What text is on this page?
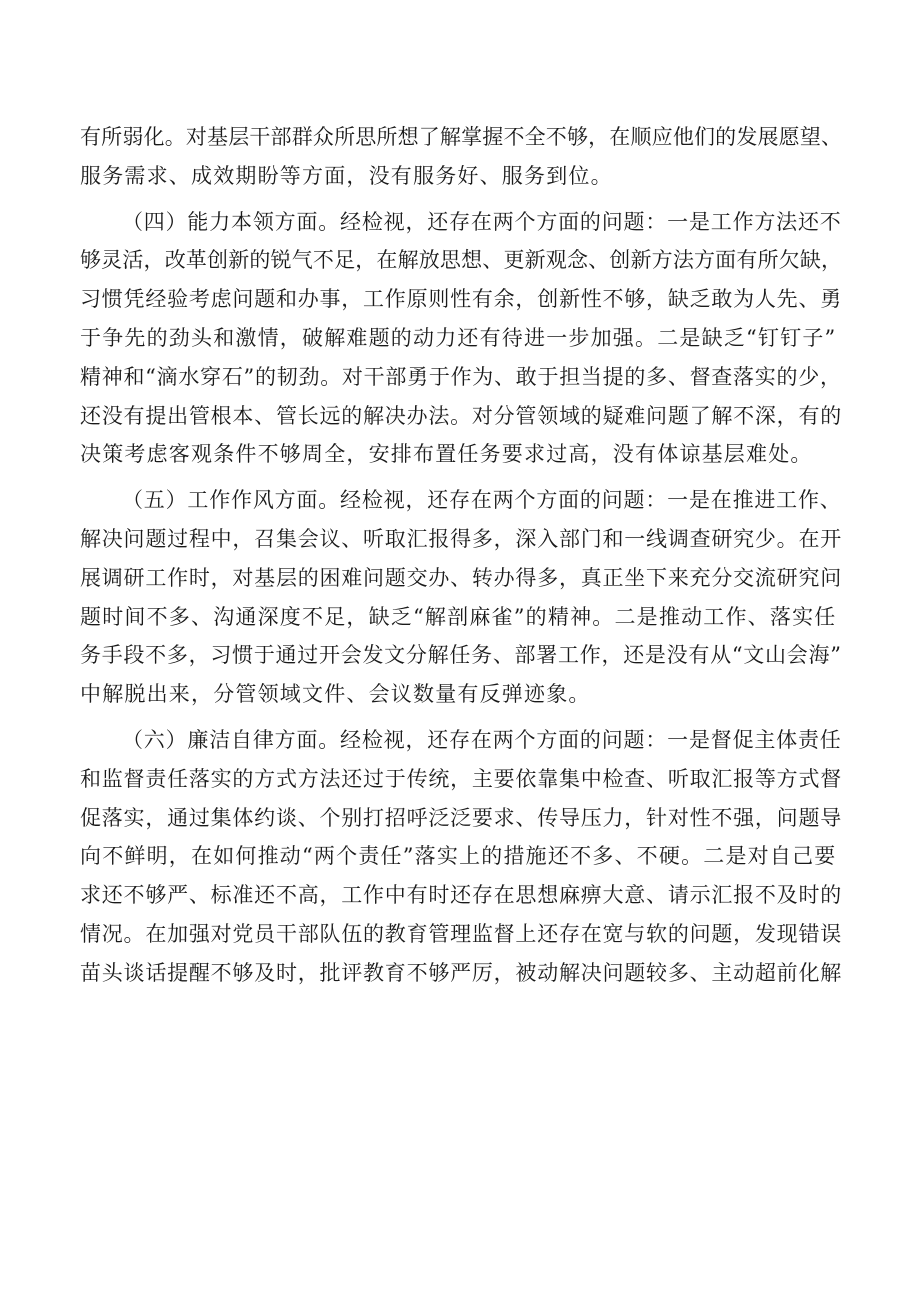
有所弱化。对基层干部群众所思所想了解掌握不全不够，在顺应他们的发展愿望、
服务需求、成效期盼等方面，没有服务好、服务到位。

（四）能力本领方面。经检视，还存在两个方面的问题：一是工作方法还不
够灵活，改革创新的锐气不足，在解放思想、更新观念、创新方法方面有所欠缺，
习惯凭经验考虑问题和办事，工作原则性有余，创新性不够，缺乏敢为人先、勇
于争先的劲头和激情，破解难题的动力还有待进一步加强。二是缺乏“钉钉子”
精神和“滴水穿石”的韧劲。对干部勇于作为、敢于担当提的多、督查落实的少，
还没有提出管根本、管长远的解决办法。对分管领域的疑难问题了解不深，有的
决策考虑客观条件不够周全，安排布置任务要求过高，没有体谅基层难处。

（五）工作作风方面。经检视，还存在两个方面的问题：一是在推进工作、
解决问题过程中，召集会议、听取汇报得多，深入部门和一线调查研究少。在开
展调研工作时，对基层的困难问题交办、转办得多，真正坐下来充分交流研究问
题时间不多、沟通深度不足，缺乏“解剖麻雀”的精神。二是推动工作、落实任
务手段不多，习惯于通过开会发文分解任务、部署工作，还是没有从“文山会海”
中解脱出来，分管领域文件、会议数量有反弹迹象。

（六）廉洁自律方面。经检视，还存在两个方面的问题：一是督促主体责任
和监督责任落实的方式方法还过于传统，主要依靠集中检查、听取汇报等方式督
促落实，通过集体约谈、个别打招呼泛泛要求、传导压力，针对性不强，问题导
向不鲜明，在如何推动“两个责任”落实上的措施还不多、不硬。二是对自己要
求还不够严、标准还不高，工作中有时还存在思想麻痹大意、请示汇报不及时的
情况。在加强对党员干部队伍的教育管理监督上还存在宽与软的问题，发现错误
苗头谈话提醒不够及时，批评教育不够严厉，被动解决问题较多、主动超前化解
